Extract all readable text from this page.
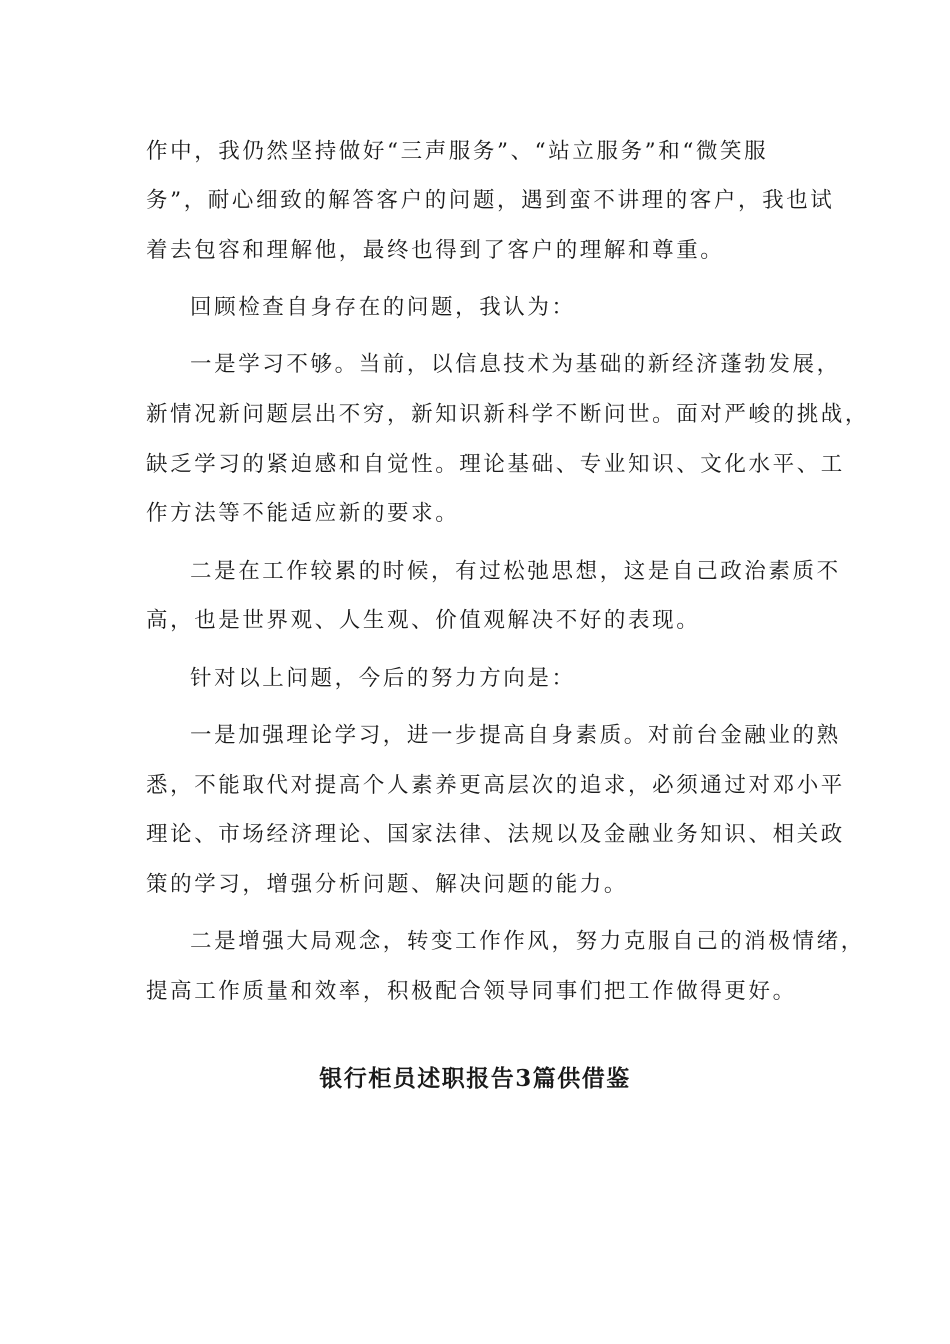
作中，我仍然坚持做好“三声服务”、“站立服务”和“微笑服
务”，耐心细致的解答客户的问题，遇到蛮不讲理的客户，我也试
着去包容和理解他，最终也得到了客户的理解和尊重。
回顾检查自身存在的问题，我认为：
一是学习不够。当前，以信息技术为基础的新经济蓬勃发展，
新情况新问题层出不穷，新知识新科学不断问世。面对严峻的挑战，
缺乏学习的紧迫感和自觉性。理论基础、专业知识、文化水平、工
作方法等不能适应新的要求。
二是在工作较累的时候，有过松弛思想，这是自己政治素质不
高，也是世界观、人生观、价值观解决不好的表现。
针对以上问题，今后的努力方向是：
一是加强理论学习，进一步提高自身素质。对前台金融业的熟
悉，不能取代对提高个人素养更高层次的追求，必须通过对邓小平
理论、市场经济理论、国家法律、法规以及金融业务知识、相关政
策的学习，增强分析问题、解决问题的能力。
二是增强大局观念，转变工作作风，努力克服自己的消极情绪，
提高工作质量和效率，积极配合领导同事们把工作做得更好。
银行柜员述职报告3篇供借鉴
